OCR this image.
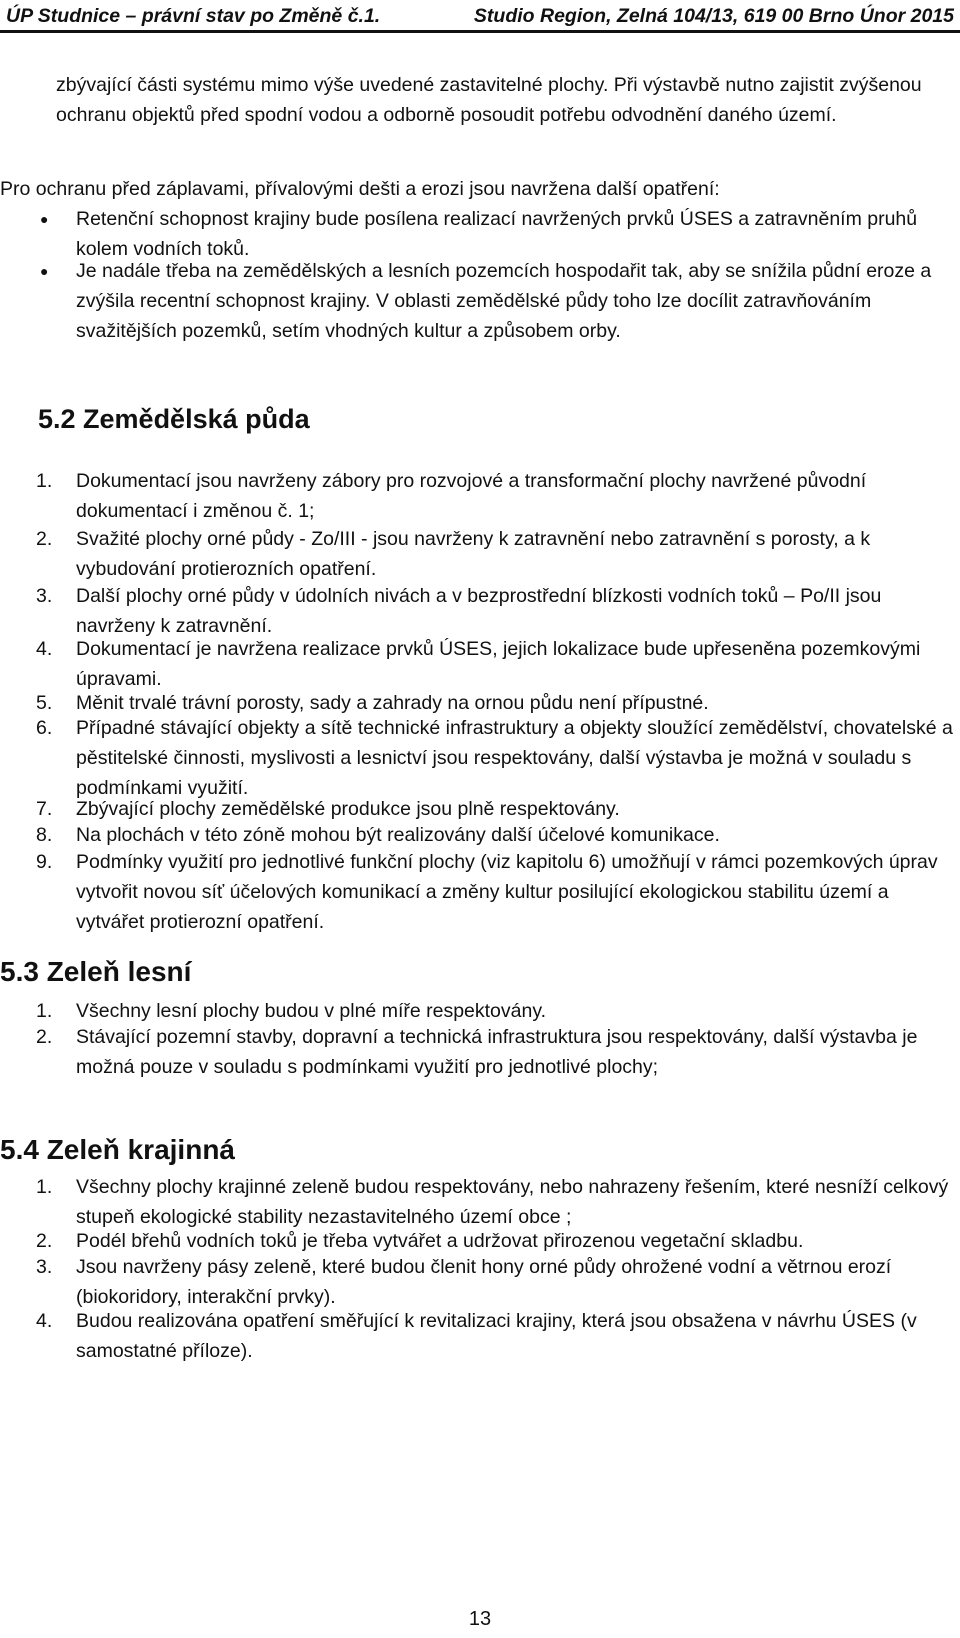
ÚP Studnice – právní stav po Změně č.1.	Studio Region, Zelná 104/13, 619 00 Brno Únor 2015

zbývající části systému mimo výše uvedené zastavitelné plochy. Při výstavbě nutno zajistit zvýšenou ochranu objektů před spodní vodou a odborně posoudit potřebu odvodnění daného území.

Pro ochranu před záplavami, přívalovými dešti a erozi jsou navržena další opatření:

● Retenční schopnost krajiny bude posílena realizací navržených prvků ÚSES a zatravněním pruhů kolem vodních toků.

● Je nadále třeba na zemědělských a lesních pozemcích hospodařit tak, aby se snížila půdní eroze a zvýšila recentní schopnost krajiny. V oblasti zemědělské půdy toho lze docílit zatravňováním svažitějších pozemků, setím vhodných kultur a způsobem orby.

5.2 Zemědělská půda
1. Dokumentací jsou navrženy zábory pro rozvojové a transformační plochy navržené původní dokumentací i změnou č. 1;

2. Svažité plochy orné půdy - Zo/III - jsou navrženy k zatravnění nebo zatravnění s porosty, a k vybudování protierozních opatření.

3. Další plochy orné půdy v údolních nivách a v bezprostřední blízkosti vodních toků – Po/II jsou navrženy k zatravnění.

4. Dokumentací je navržena realizace prvků ÚSES, jejich lokalizace bude upřeseněna pozemkovými úpravami.

5. Měnit trvalé trávní porosty, sady a zahrady na ornou půdu není přípustné.

6. Případné stávající objekty a sítě technické infrastruktury a objekty sloužící zemědělství, chovatelské a pěstitelské činnosti, myslivosti a lesnictví jsou respektovány, další výstavba je možná v souladu s podmínkami využití.

7. Zbývající plochy zemědělské produkce jsou plně respektovány.

8. Na plochách v této zóně mohou být realizovány další účelové komunikace.

9. Podmínky využití pro jednotlivé funkční plochy (viz kapitolu 6) umožňují v rámci pozemkových úprav vytvořit novou síť účelových komunikací a změny kultur posilující ekologickou stabilitu území a vytvářet protierozní opatření.

5.3 Zeleň lesní
1. Všechny lesní plochy budou v plné míře respektovány.

2. Stávající pozemní stavby, dopravní a technická infrastruktura jsou respektovány, další výstavba je možná pouze v souladu s podmínkami využití pro jednotlivé plochy;

5.4 Zeleň krajinná
1. Všechny plochy krajinné zeleně budou respektovány, nebo nahrazeny řešením, které nesníží celkový stupeň ekologické stability nezastavitelného území obce ;

2. Podél břehů vodních toků je třeba vytvářet a udržovat přirozenou vegetační skladbu.

3. Jsou navrženy pásy zeleně, které budou členit hony orné půdy ohrožené vodní a větrnou erozí (biokoridory, interakční prvky).

4. Budou realizována opatření směřující k revitalizaci krajiny, která jsou obsažena v návrhu ÚSES (v samostatné příloze).

13
